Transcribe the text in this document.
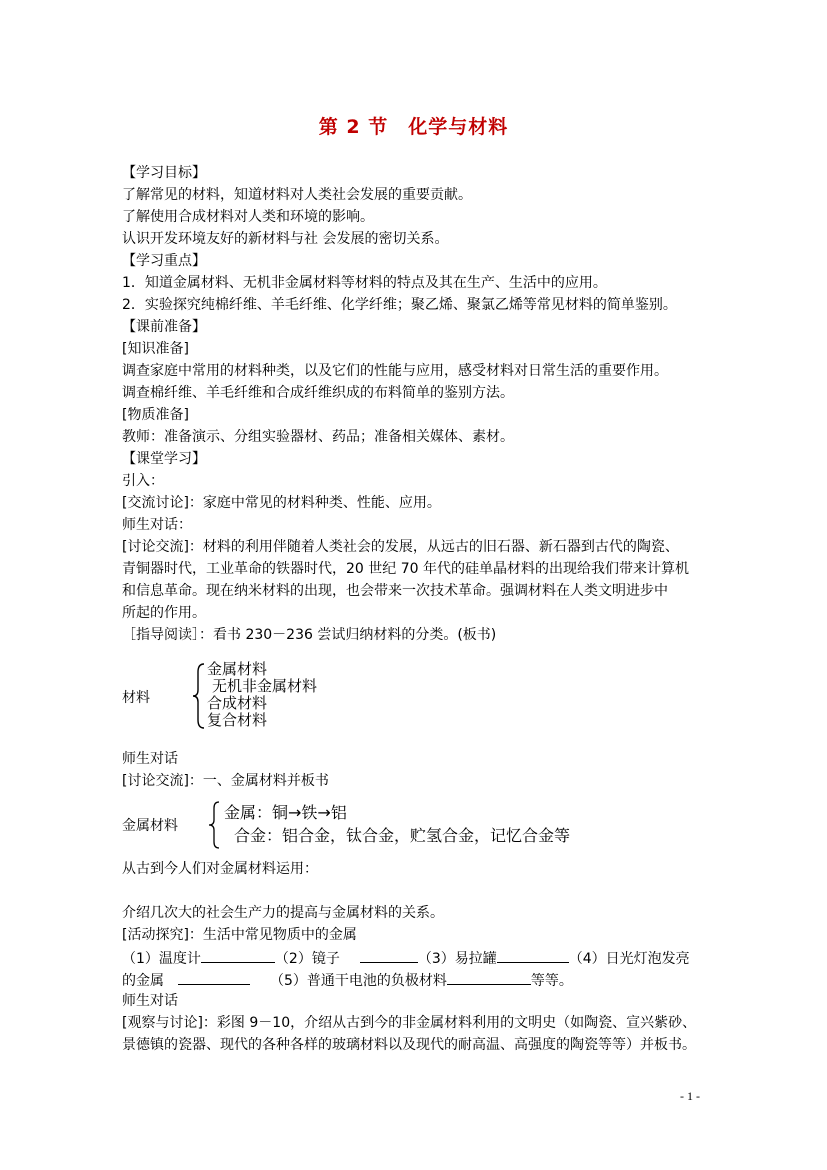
第 2 节　化学与材料
【学习目标】
了解常见的材料，知道材料对人类社会发展的重要贡献。
了解使用合成材料对人类和环境的影响。
认识开发环境友好的新材料与社 会发展的密切关系。
【学习重点】
1．知道金属材料、无机非金属材料等材料的特点及其在生产、生活中的应用。
2．实验探究纯棉纤维、羊毛纤维、化学纤维；聚乙烯、聚氯乙烯等常见材料的简单鉴别。
【课前准备】
[知识准备]
调查家庭中常用的材料种类，以及它们的性能与应用，感受材料对日常生活的重要作用。
调查棉纤维、羊毛纤维和合成纤维织成的布料简单的鉴别方法。
[物质准备]
教师：准备演示、分组实验器材、药品；准备相关媒体、素材。
【课堂学习】
引入：
[交流讨论]：家庭中常见的材料种类、性能、应用。
师生对话：
[讨论交流]：材料的利用伴随着人类社会的发展，从远古的旧石器、新石器到古代的陶瓷、
青铜器时代，工业革命的铁器时代，20 世纪 70 年代的硅单晶材料的出现给我们带来计算机
和信息革命。现在纳米材料的出现，也会带来一次技术革命。强调材料在人类文明进步中
所起的作用。
［指导阅读］：看书 230－236 尝试归纳材料的分类。(板书)
材料
金属材料
无机非金属材料
合成材料
复合材料
师生对话
[讨论交流]：一、金属材料并板书
金属材料
金属：铜→铁→铝
合金：铝合金，钛合金，贮氢合金，记忆合金等
从古到今人们对金属材料运用：
介绍几次大的社会生产力的提高与金属材料的关系。
[活动探究]：生活中常见物质中的金属
（1）温度计	（2）镜子	（3）易拉罐	（4）日光灯泡发亮
的金属	（5）普通干电池的负极材料	等等。
师生对话
[观察与讨论]：彩图 9－10，介绍从古到今的非金属材料利用的文明史（如陶瓷、宣兴紫砂、
景德镇的瓷器、现代的各种各样的玻璃材料以及现代的耐高温、高强度的陶瓷等等）并板书。
- 1 -
